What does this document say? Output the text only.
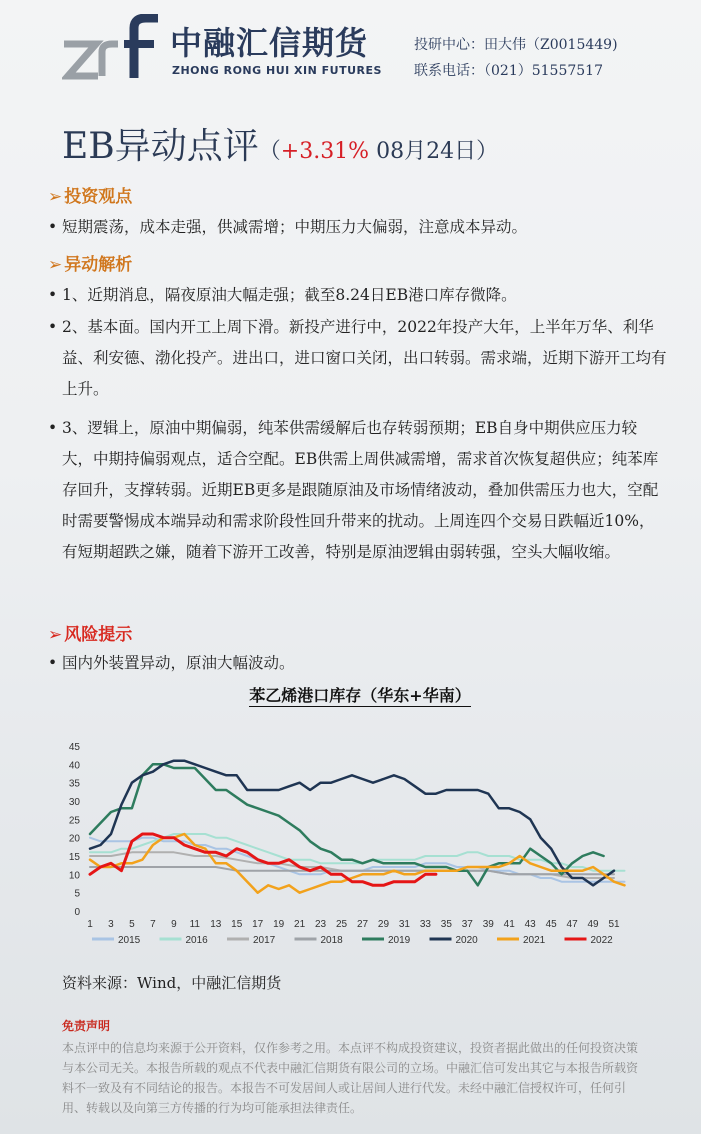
中融汇信期货
ZHONG RONG HUI XIN FUTURES
投研中心：田大伟（Z0015449)
联系电话：（021）51557517
EB异动点评（+3.31% 08月24日）
➢ 投资观点
• 短期震荡，成本走强，供减需增；中期压力大偏弱，注意成本异动。
➢ 异动解析
• 1、近期消息，隔夜原油大幅走强；截至8.24日EB港口库存微降。
• 2、基本面。国内开工上周下滑。新投产进行中，2022年投产大年，上半年万华、利华益、利安德、渤化投产。进出口，进口窗口关闭，出口转弱。需求端，近期下游开工均有上升。
• 3、逻辑上，原油中期偏弱，纯苯供需缓解后也存转弱预期；EB自身中期供应压力较大，中期持偏弱观点，适合空配。EB供需上周供减需增，需求首次恢复超供应；纯苯库存回升，支撑转弱。近期EB更多是跟随原油及市场情绪波动，叠加供需压力也大，空配时需要警惕成本端异动和需求阶段性回升带来的扰动。上周连四个交易日跌幅近10%，有短期超跌之嫌，随着下游开工改善，特别是原油逻辑由弱转强，空头大幅收缩。
➢ 风险提示
• 国内外装置异动，原油大幅波动。
苯乙烯港口库存（华东+华南）
0
5
10
15
20
25
30
35
40
45
1 3 5 7 9 11 13 15 17 19 21 23 25 27 29 31 33 35 37 39 41 43 45 47 49 51
2015	2016	2017	2018	2019	2020	2021	2022
资料来源：Wind，中融汇信期货
免责声明
本点评中的信息均来源于公开资料，仅作参考之用。本点评不构成投资建议，投资者据此做出的任何投资决策与本公司无关。本报告所载的观点不代表中融汇信期货有限公司的立场。中融汇信可发出其它与本报告所载资料不一致及有不同结论的报告。本报告不可发居间人或让居间人进行代发。未经中融汇信授权许可，任何引用、转载以及向第三方传播的行为均可能承担法律责任。
